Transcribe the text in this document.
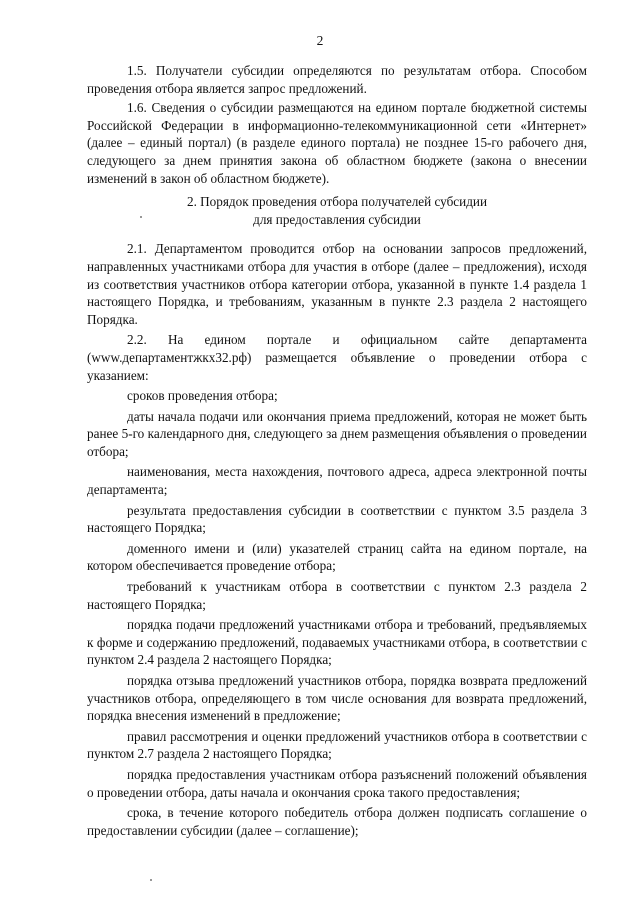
2

1.5. Получатели субсидии определяются по результатам отбора. Способом проведения отбора является запрос предложений.

1.6. Сведения о субсидии размещаются на едином портале бюджетной системы Российской Федерации в информационно-телекоммуникационной сети «Интернет» (далее – единый портал) (в разделе единого портала) не позднее 15-го рабочего дня, следующего за днем принятия закона об областном бюджете (закона о внесении изменений в закон об областном бюджете).

2. Порядок проведения отбора получателей субсидии
для предоставления субсидии

2.1. Департаментом проводится отбор на основании запросов предложений, направленных участниками отбора для участия в отборе (далее – предложения), исходя из соответствия участников отбора категории отбора, указанной в пункте 1.4 раздела 1 настоящего Порядка, и требованиям, указанным в пункте 2.3 раздела 2 настоящего Порядка.

2.2. На едином портале и официальном сайте департамента (www.департаментжкх32.рф) размещается объявление о проведении отбора с указанием:

сроков проведения отбора;

даты начала подачи или окончания приема предложений, которая не может быть ранее 5-го календарного дня, следующего за днем размещения объявления о проведении отбора;

наименования, места нахождения, почтового адреса, адреса электронной почты департамента;

результата предоставления субсидии в соответствии с пунктом 3.5 раздела 3 настоящего Порядка;

доменного имени и (или) указателей страниц сайта на едином портале, на котором обеспечивается проведение отбора;

требований к участникам отбора в соответствии с пунктом 2.3 раздела 2 настоящего Порядка;

порядка подачи предложений участниками отбора и требований, предъявляемых к форме и содержанию предложений, подаваемых участниками отбора, в соответствии с пунктом 2.4 раздела 2 настоящего Порядка;

порядка отзыва предложений участников отбора, порядка возврата предложений участников отбора, определяющего в том числе основания для возврата предложений, порядка внесения изменений в предложение;

правил рассмотрения и оценки предложений участников отбора в соответствии с пунктом 2.7 раздела 2 настоящего Порядка;

порядка предоставления участникам отбора разъяснений положений объявления о проведении отбора, даты начала и окончания срока такого предоставления;

срока, в течение которого победитель отбора должен подписать соглашение о предоставлении субсидии (далее – соглашение);
